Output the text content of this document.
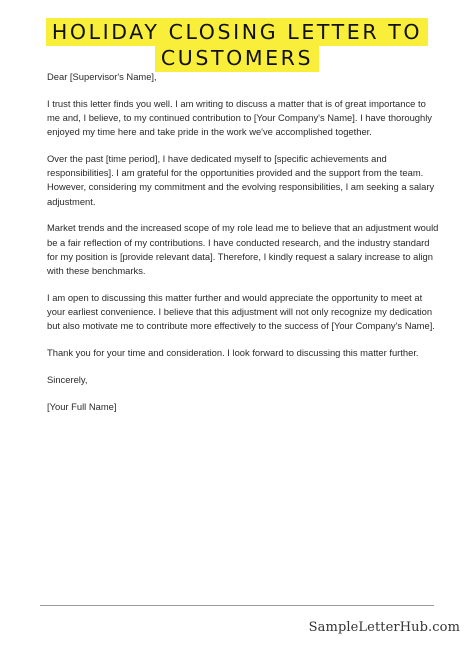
HOLIDAY CLOSING LETTER TO
CUSTOMERS

Dear [Supervisor's Name],

I trust this letter finds you well. I am writing to discuss a matter that is of great importance to me and, I believe, to my continued contribution to [Your Company's Name]. I have thoroughly enjoyed my time here and take pride in the work we've accomplished together.

Over the past [time period], I have dedicated myself to [specific achievements and responsibilities]. I am grateful for the opportunities provided and the support from the team. However, considering my commitment and the evolving responsibilities, I am seeking a salary adjustment.

Market trends and the increased scope of my role lead me to believe that an adjustment would be a fair reflection of my contributions. I have conducted research, and the industry standard for my position is [provide relevant data]. Therefore, I kindly request a salary increase to align with these benchmarks.

I am open to discussing this matter further and would appreciate the opportunity to meet at your earliest convenience. I believe that this adjustment will not only recognize my dedication but also motivate me to contribute more effectively to the success of [Your Company's Name].

Thank you for your time and consideration. I look forward to discussing this matter further.

Sincerely,

[Your Full Name]

SampleLetterHub.com
